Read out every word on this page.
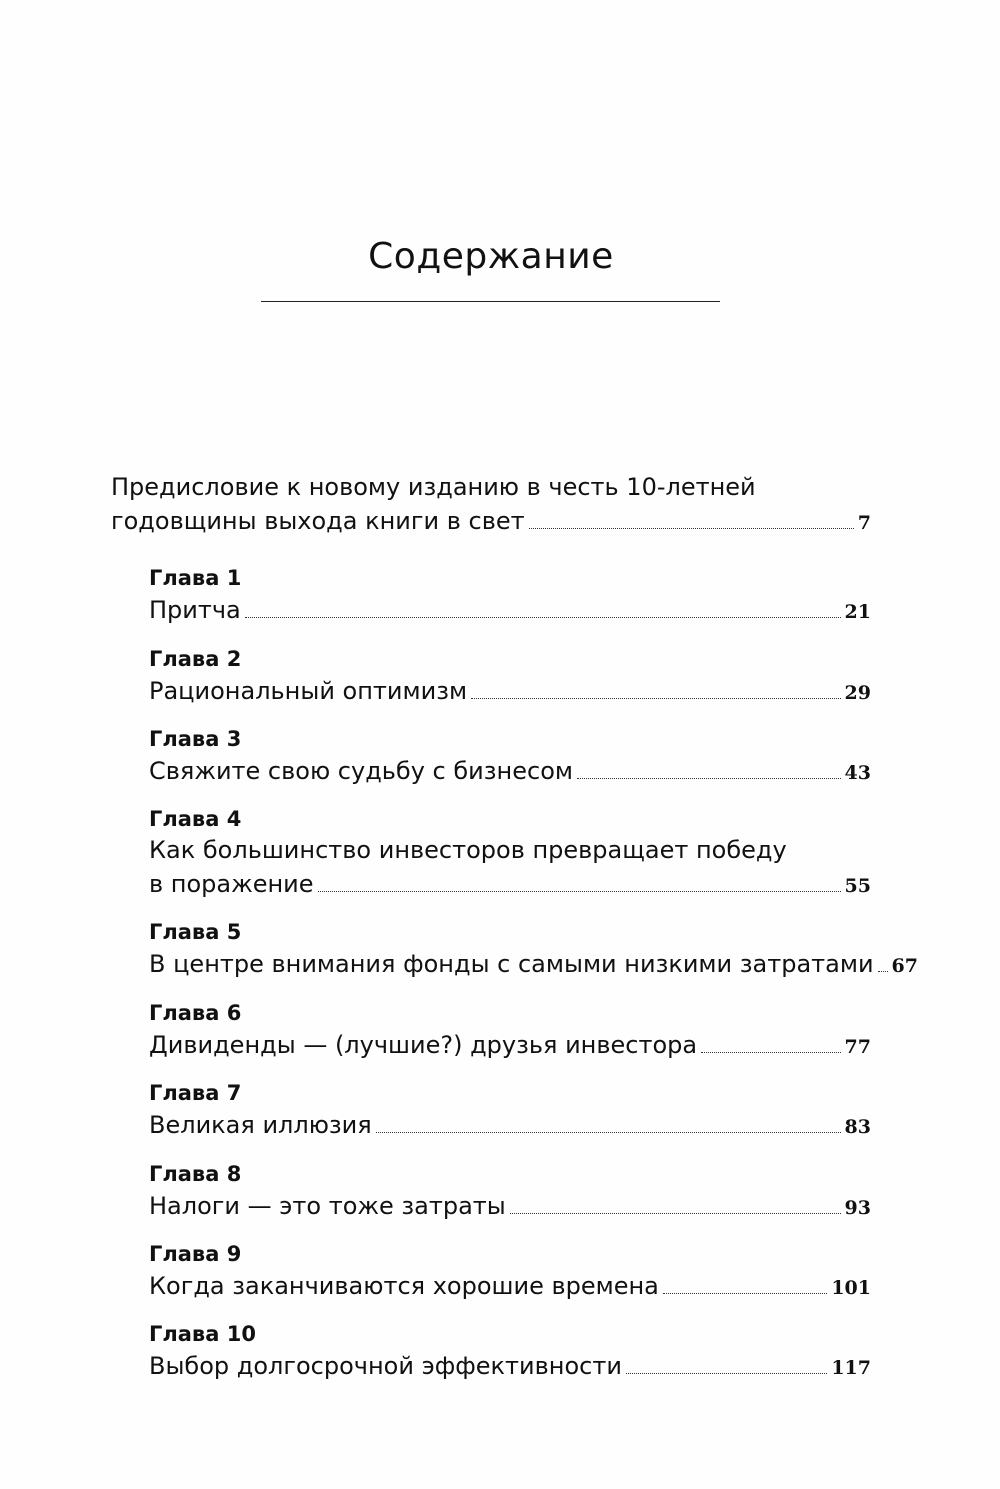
Содержание
Предисловие к новому изданию в честь 10-летней
годовщины выхода книги в свет	7
Глава 1
Притча	21
Глава 2
Рациональный оптимизм	29
Глава 3
Свяжите свою судьбу с бизнесом	43
Глава 4
Как большинство инвесторов превращает победу
в поражение	55
Глава 5
В центре внимания фонды с самыми низкими затратами 67
Глава 6
Дивиденды — (лучшие?) друзья инвестора	77
Глава 7
Великая иллюзия	83
Глава 8
Налоги — это тоже затраты	93
Глава 9
Когда заканчиваются хорошие времена	101
Глава 10
Выбор долгосрочной эффективности	117
